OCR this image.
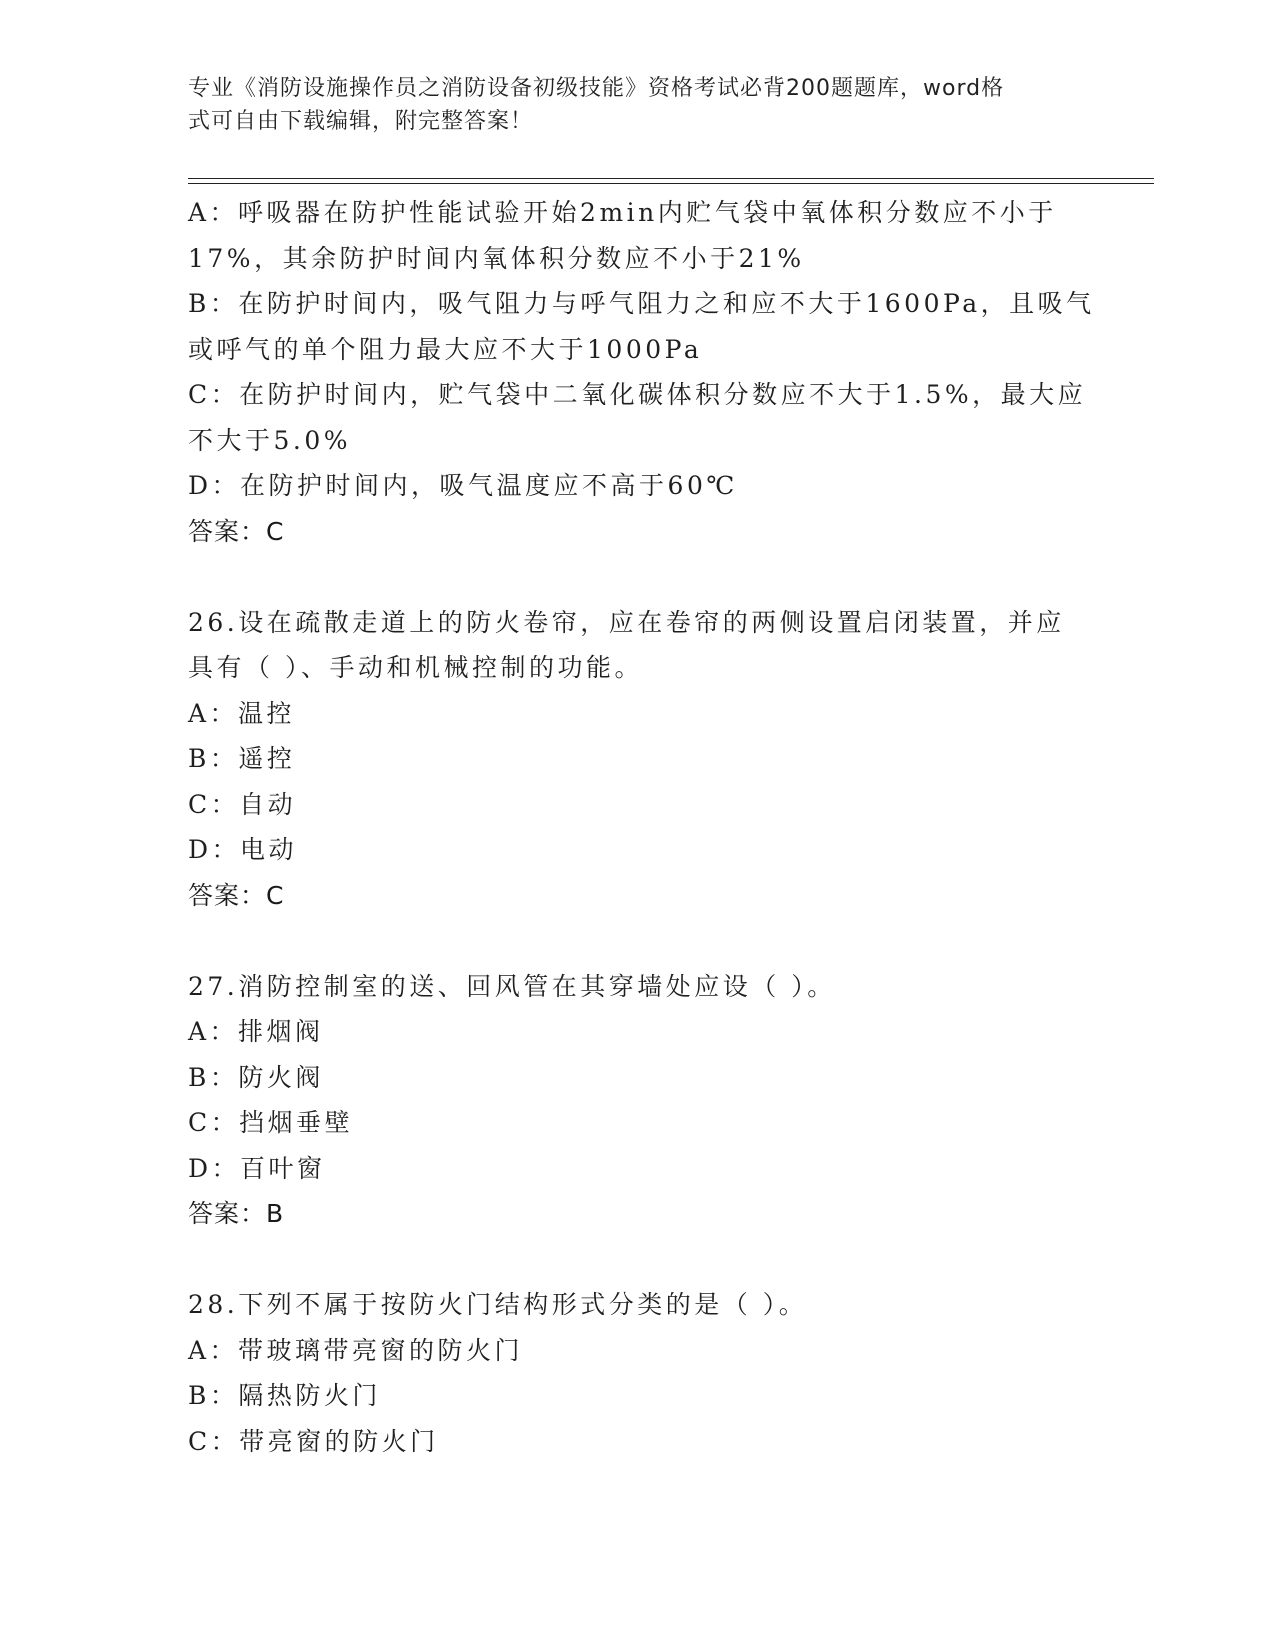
专业《消防设施操作员之消防设备初级技能》资格考试必背200题题库，word格
式可自由下载编辑，附完整答案！
A：呼吸器在防护性能试验开始2min内贮气袋中氧体积分数应不小于
17%，其余防护时间内氧体积分数应不小于21%
B：在防护时间内，吸气阻力与呼气阻力之和应不大于1600Pa，且吸气
或呼气的单个阻力最大应不大于1000Pa
C：在防护时间内，贮气袋中二氧化碳体积分数应不大于1.5%，最大应
不大于5.0%
D：在防护时间内，吸气温度应不高于60℃
答案：C
26.设在疏散走道上的防火卷帘，应在卷帘的两侧设置启闭装置，并应
具有（ ）、手动和机械控制的功能。
A：温控
B：遥控
C：自动
D：电动
答案：C
27.消防控制室的送、回风管在其穿墙处应设（ ）。
A：排烟阀
B：防火阀
C：挡烟垂壁
D：百叶窗
答案：B
28.下列不属于按防火门结构形式分类的是（ ）。
A：带玻璃带亮窗的防火门
B：隔热防火门
C：带亮窗的防火门
